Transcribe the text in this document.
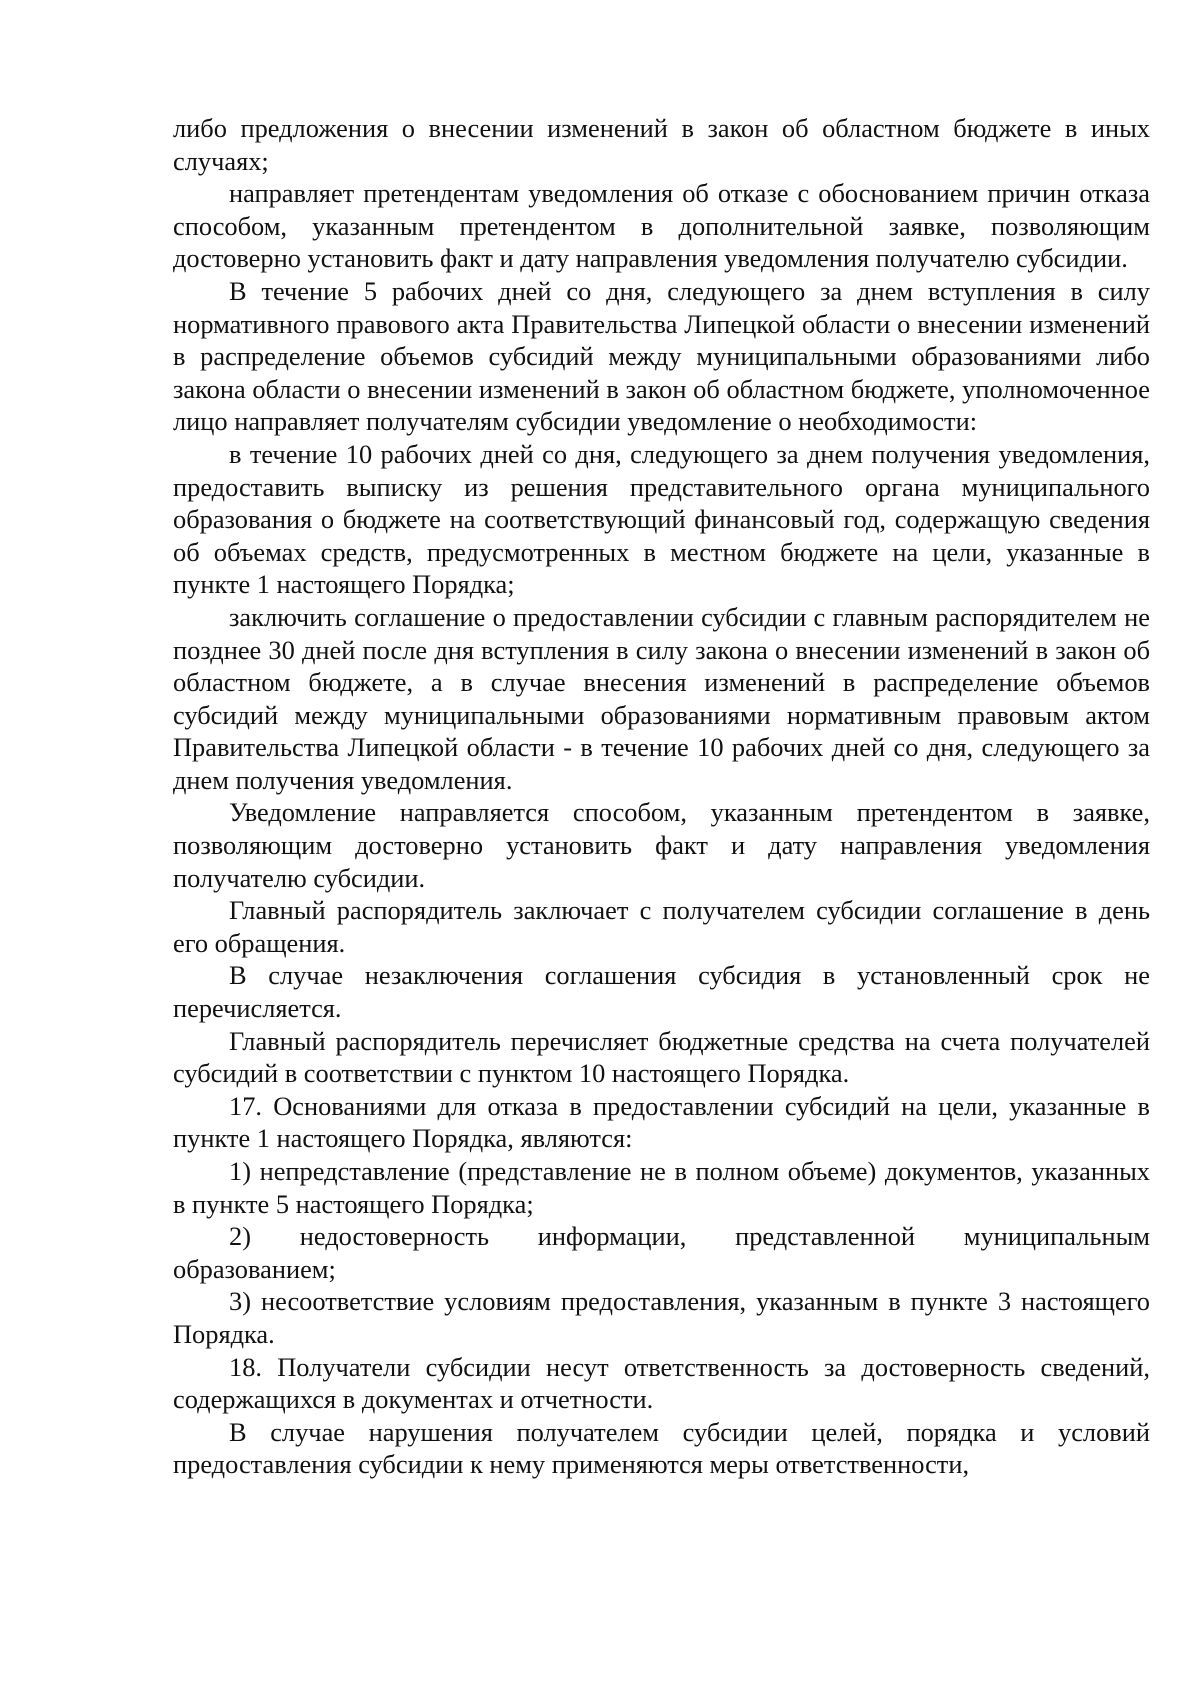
либо предложения о внесении изменений в закон об областном бюджете в иных случаях;

направляет претендентам уведомления об отказе с обоснованием причин отказа способом, указанным претендентом в дополнительной заявке, позволяющим достоверно установить факт и дату направления уведомления получателю субсидии.

В течение 5 рабочих дней со дня, следующего за днем вступления в силу нормативного правового акта Правительства Липецкой области о внесении изменений в распределение объемов субсидий между муниципальными образованиями либо закона области о внесении изменений в закон об областном бюджете, уполномоченное лицо направляет получателям субсидии уведомление о необходимости:

в течение 10 рабочих дней со дня, следующего за днем получения уведомления, предоставить выписку из решения представительного органа муниципального образования о бюджете на соответствующий финансовый год, содержащую сведения об объемах средств, предусмотренных в местном бюджете на цели, указанные в пункте 1 настоящего Порядка;

заключить соглашение о предоставлении субсидии с главным распорядителем не позднее 30 дней после дня вступления в силу закона о внесении изменений в закон об областном бюджете, а в случае внесения изменений в распределение объемов субсидий между муниципальными образованиями нормативным правовым актом Правительства Липецкой области - в течение 10 рабочих дней со дня, следующего за днем получения уведомления.

Уведомление направляется способом, указанным претендентом в заявке, позволяющим достоверно установить факт и дату направления уведомления получателю субсидии.

Главный распорядитель заключает с получателем субсидии соглашение в день его обращения.

В случае незаключения соглашения субсидия в установленный срок не перечисляется.

Главный распорядитель перечисляет бюджетные средства на счета получателей субсидий в соответствии с пунктом 10 настоящего Порядка.

17. Основаниями для отказа в предоставлении субсидий на цели, указанные в пункте 1 настоящего Порядка, являются:

1) непредставление (представление не в полном объеме) документов, указанных в пункте 5 настоящего Порядка;

2) недостоверность информации, представленной муниципальным образованием;

3) несоответствие условиям предоставления, указанным в пункте 3 настоящего Порядка.

18. Получатели субсидии несут ответственность за достоверность сведений, содержащихся в документах и отчетности.

В случае нарушения получателем субсидии целей, порядка и условий предоставления субсидии к нему применяются меры ответственности,
